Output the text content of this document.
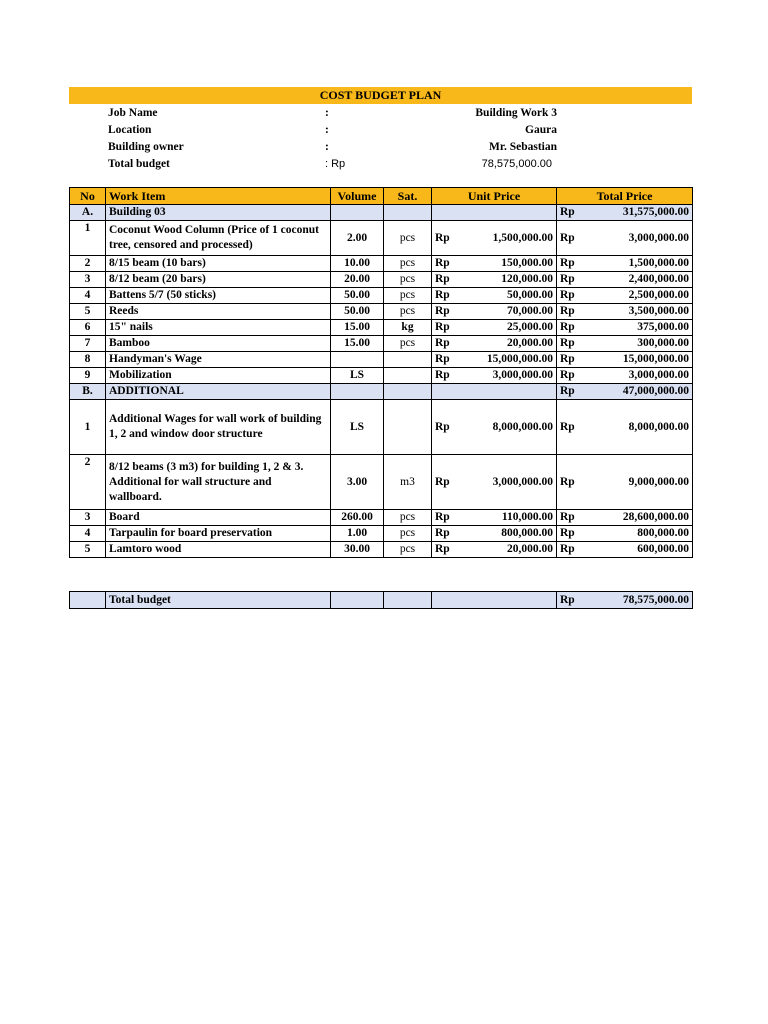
COST BUDGET PLAN
Job Name	:	Building Work 3
Location	:	Gaura
Building owner	:	Mr. Sebastian
Total budget	: Rp	78,575,000.00
No	Work Item	Volume	Sat.	Unit Price		Total Price	
A.	Building 03					Rp	31,575,000.00
1	Coconut Wood Column (Price of 1 coconut tree, censored and processed)	2.00	pcs	Rp	1,500,000.00	Rp	3,000,000.00
2	8/15 beam (10 bars)	10.00	pcs	Rp	150,000.00	Rp	1,500,000.00
3	8/12 beam (20 bars)	20.00	pcs	Rp	120,000.00	Rp	2,400,000.00
4	Battens 5/7 (50 sticks)	50.00	pcs	Rp	50,000.00	Rp	2,500,000.00
5	Reeds	50.00	pcs	Rp	70,000.00	Rp	3,500,000.00
6	15" nails	15.00	kg	Rp	25,000.00	Rp	375,000.00
7	Bamboo	15.00	pcs	Rp	20,000.00	Rp	300,000.00
8	Handyman's Wage			Rp	15,000,000.00	Rp	15,000,000.00
9	Mobilization	LS		Rp	3,000,000.00	Rp	3,000,000.00
B.	ADDITIONAL					Rp	47,000,000.00
1	Additional Wages for wall work of building 1, 2 and window door structure	LS		Rp	8,000,000.00	Rp	8,000,000.00
2	8/12 beams (3 m3) for building 1, 2 & 3. Additional for wall structure and wallboard.	3.00	m3	Rp	3,000,000.00	Rp	9,000,000.00
3	Board	260.00	pcs	Rp	110,000.00	Rp	28,600,000.00
4	Tarpaulin for board preservation	1.00	pcs	Rp	800,000.00	Rp	800,000.00
5	Lamtoro wood	30.00	pcs	Rp	20,000.00	Rp	600,000.00
	Total budget				Rp	78,575,000.00
